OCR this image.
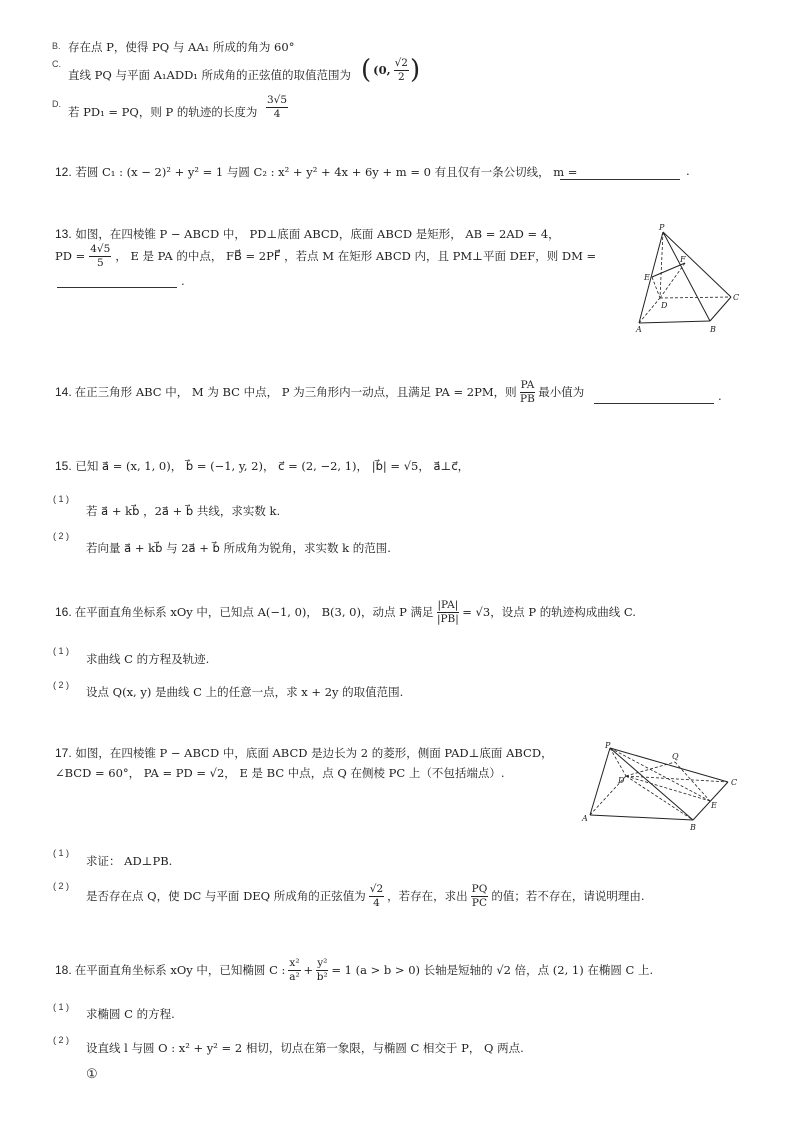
B. 存在点 P，使得 PQ 与 AA₁ 所成的角为 60°
C.
直线 PQ 与平面 A₁ADD₁ 所成角的正弦值的取值范围为 ( (0, $\frac{√2}{2}$ )
D.
若 PD₁ = PQ，则 P 的轨迹的长度为 $\frac{3√5}{4}$
12. 若圆 C₁ : (x − 2)² + y² = 1 与圆 C₂ : x² + y² + 4x + 6y + m = 0 有且仅有一条公切线， m =	.
13. 如图，在四棱锥 P − ABCD 中， PD⊥底面 ABCD，底面 ABCD 是矩形， AB = 2AD = 4，
PD = $\frac{4√5}{5}$ ， E 是 PA 的中点， FB⃗ = 2PF⃗ ，若点 M 在矩形 ABCD 内，且 PM⊥平面 DEF，则 DM =
.
P
F
E
D
C
A	B
14. 在正三角形 ABC 中， M 为 BC 中点， P 为三角形内一动点，且满足 PA = 2PM，则 $\frac{PA}{PB}$ 最小值为	.
15. 已知 a⃗ = (x, 1, 0)， b⃗ = (−1, y, 2)， c⃗ = (2, −2, 1)， |b⃗| = √5， a⃗⊥c⃗，
( 1 )
若 a⃗ + kb⃗ ，2a⃗ + b⃗ 共线，求实数 k.
( 2 )
若向量 a⃗ + kb⃗ 与 2a⃗ + b⃗ 所成角为锐角，求实数 k 的范围.
16. 在平面直角坐标系 xOy 中，已知点 A(−1, 0)， B(3, 0)，动点 P 满足 $\frac{|PA|}{|PB|} = √3$，设点 P 的轨迹构成曲线 C.
( 1 )
求曲线 C 的方程及轨迹.
( 2 ) 设点 Q(x, y) 是曲线 C 上的任意一点，求 x + 2y 的取值范围.
17. 如图，在四棱锥 P − ABCD 中，底面 ABCD 是边长为 2 的菱形，侧面 PAD⊥底面 ABCD，
∠BCD = 60°， PA = PD = √2， E 是 BC 中点，点 Q 在侧棱 PC 上（不包括端点）.
P
Q
D	C
E
A
B
( 1 )
求证： AD⊥PB.
( 2 )
是否存在点 Q，使 DC 与平面 DEQ 所成角的正弦值为 $\frac{√2}{4}$ ，若存在，求出 $\frac{PQ}{PC}$ 的值；若不存在，请说明理由.
18. 在平面直角坐标系 xOy 中，已知椭圆 C : $\frac{\text{x²}}{\text{a²}} + \frac{\text{y²}}{\text{b²}} = 1$ (a > b > 0) 长轴是短轴的 √2 倍，点 (2, 1) 在椭圆 C 上.
( 1 ) 求椭圆 C 的方程.
( 2 )
设直线 l 与圆 O : x² + y² = 2 相切，切点在第一象限，与椭圆 C 相交于 P， Q 两点.
①
